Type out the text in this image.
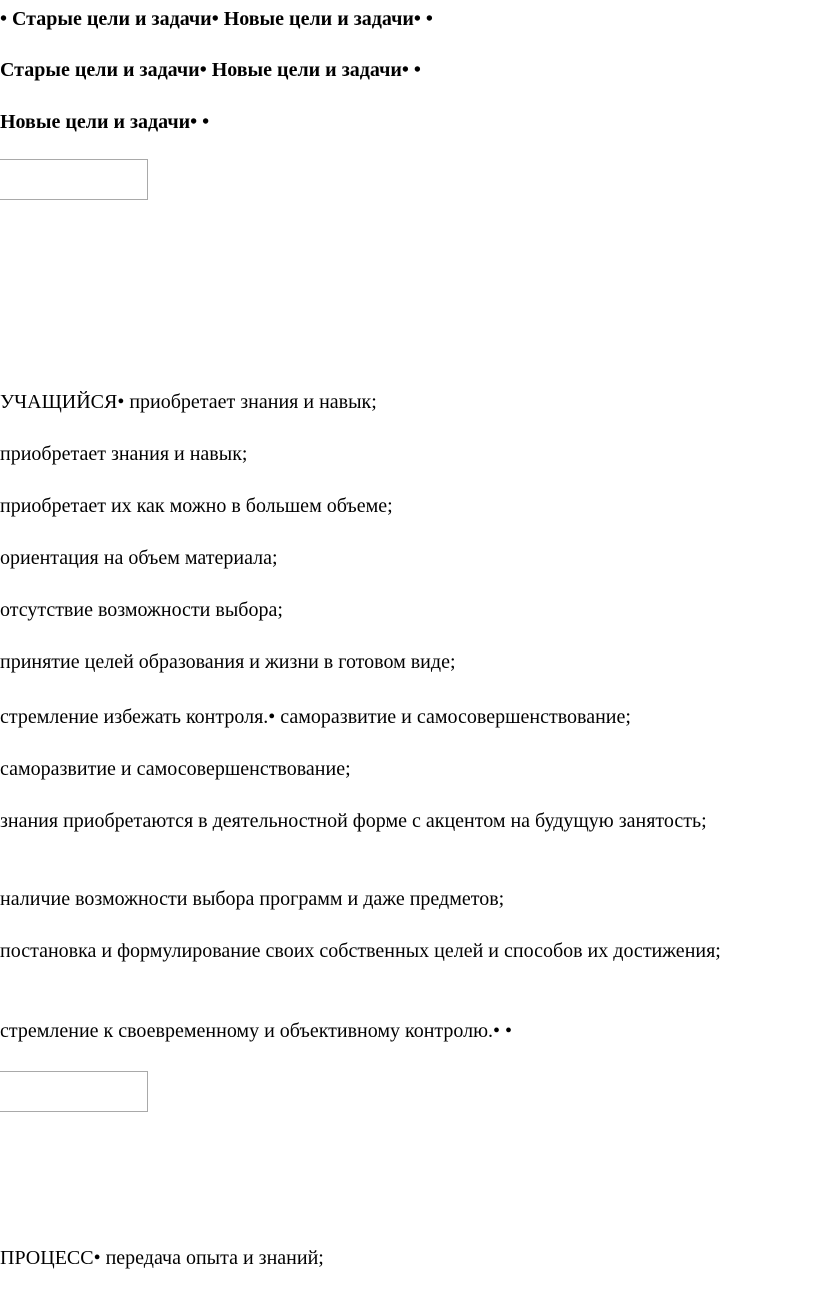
• Старые цели и задачи• Новые цели и задачи• •
Старые цели и задачи• Новые цели и задачи• •
Новые цели и задачи• •
УЧАЩИЙСЯ• приобретает знания и навык;
приобретает знания и навык;
приобретает их как можно в большем объеме;
ориентация на объем материала;
отсутствие возможности выбора;
принятие целей образования и жизни в готовом виде;
стремление избежать контроля.• саморазвитие и самосовершенствование;
саморазвитие и самосовершенствование;
знания приобретаются в деятельностной форме с акцентом на будущую занятость;
наличие возможности выбора программ и даже предметов;
постановка и формулирование своих собственных целей и способов их достижения;
стремление к своевременному и объективному контролю.• •
ПРОЦЕСС• передача опыта и знаний;
